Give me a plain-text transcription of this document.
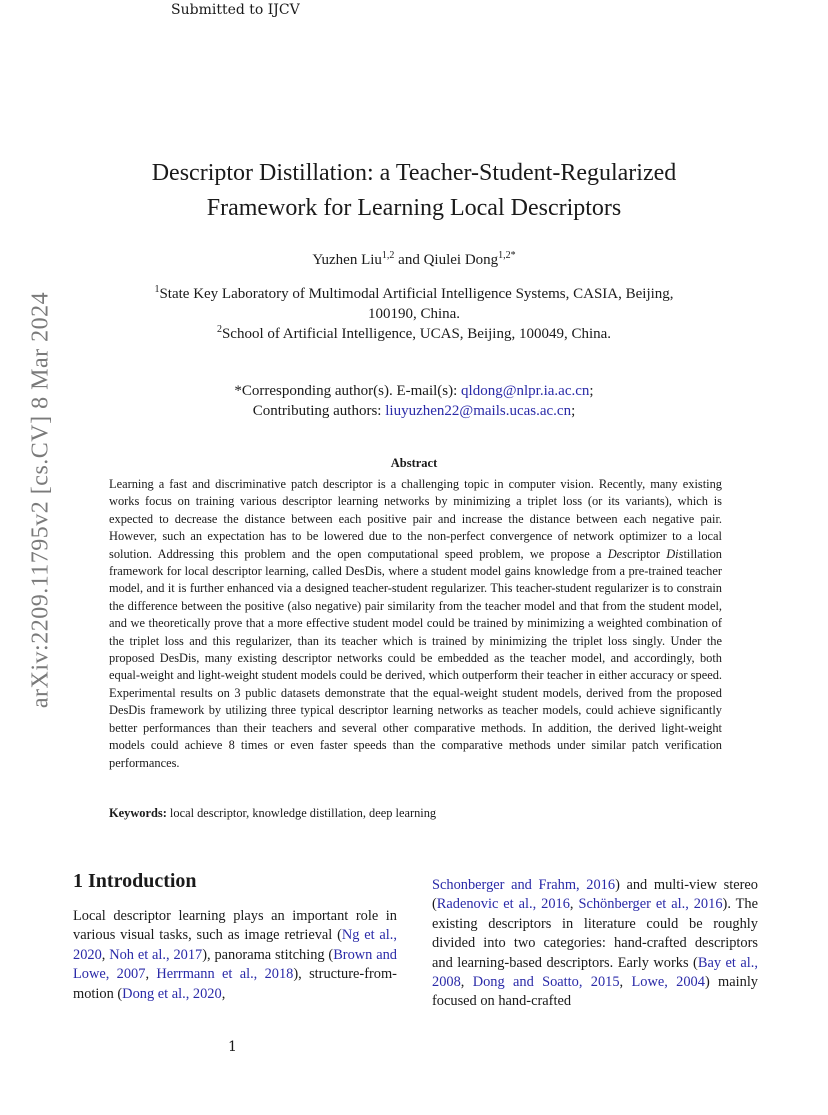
Submitted to IJCV
arXiv:2209.11795v2 [cs.CV] 8 Mar 2024
Descriptor Distillation: a Teacher-Student-Regularized
Framework for Learning Local Descriptors
Yuzhen Liu$^{1,2}$ and Qiulei Dong$^{1,2*}$
$^1$State Key Laboratory of Multimodal Artificial Intelligence Systems, CASIA, Beijing,
100190, China.
$^2$School of Artificial Intelligence, UCAS, Beijing, 100049, China.
*Corresponding author(s). E-mail(s): qldong@nlpr.ia.ac.cn;
Contributing authors: liuyuzhen22@mails.ucas.ac.cn;
Abstract
Learning a fast and discriminative patch descriptor is a challenging topic in computer vision. Recently, many existing works focus on training various descriptor learning networks by minimizing a triplet loss (or its variants), which is expected to decrease the distance between each positive pair and increase the distance between each negative pair. However, such an expectation has to be lowered due to the non-perfect convergence of network optimizer to a local solution. Addressing this problem and the open computational speed problem, we propose a Descriptor Distillation framework for local descriptor learning, called DesDis, where a student model gains knowledge from a pre-trained teacher model, and it is further enhanced via a designed teacher-student regularizer. This teacher-student regularizer is to constrain the difference between the positive (also negative) pair similarity from the teacher model and that from the student model, and we theoretically prove that a more effective student model could be trained by minimizing a weighted combination of the triplet loss and this regularizer, than its teacher which is trained by minimizing the triplet loss singly. Under the proposed DesDis, many existing descriptor networks could be embedded as the teacher model, and accordingly, both equal-weight and light-weight student models could be derived, which outperform their teacher in either accuracy or speed. Experimental results on 3 public datasets demonstrate that the equal-weight student models, derived from the proposed DesDis framework by utilizing three typical descriptor learning networks as teacher models, could achieve significantly better performances than their teachers and several other comparative methods. In addition, the derived light-weight models could achieve 8 times or even faster speeds than the comparative methods under similar patch verification performances.
Keywords: local descriptor, knowledge distillation, deep learning
1 Introduction
Local descriptor learning plays an important role in various visual tasks, such as image retrieval (Ng et al., 2020, Noh et al., 2017), panorama stitching (Brown and Lowe, 2007, Herrmann et al., 2018), structure-from-motion (Dong et al., 2020,
Schonberger and Frahm, 2016) and multi-view stereo (Radenovic et al., 2016, Schönberger et al., 2016). The existing descriptors in literature could be roughly divided into two categories: hand-crafted descriptors and learning-based descriptors. Early works (Bay et al., 2008, Dong and Soatto, 2015, Lowe, 2004) mainly focused on hand-crafted
1
